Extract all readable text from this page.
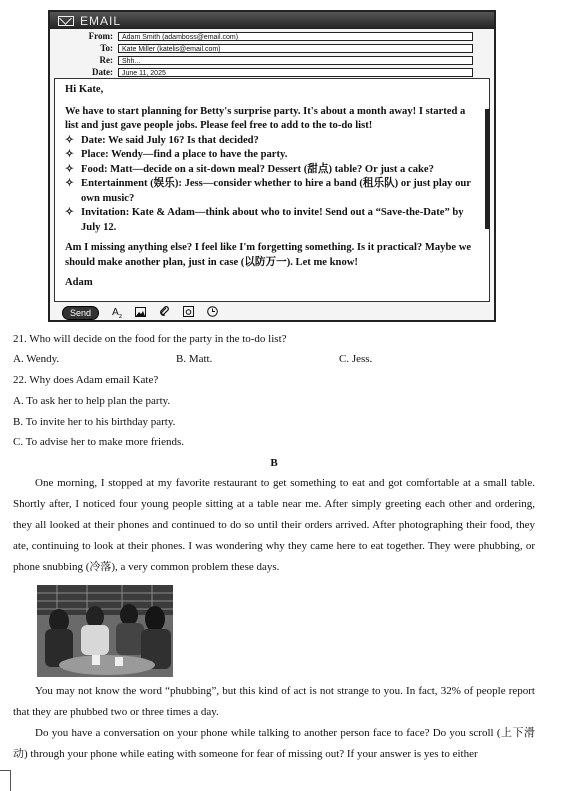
EMAIL
From:	Adam Smith (adamboss@email.com)
To:	Kate Miller (katelis@email.com)
Re:	Shh...
Date:	June 11, 2025

Hi Kate,

We have to start planning for Betty's surprise party. It's about a month away! I started a list and just gave people jobs. Please feel free to add to the to-do list!

✧ Date: We said July 16? Is that decided?
✧ Place: Wendy—find a place to have the party.
✧ Food: Matt—decide on a sit-down meal? Dessert (甜点) table? Or just a cake?
✧ Entertainment (娱乐): Jess—consider whether to hire a band (租乐队) or just play our own music?
✧ Invitation: Kate & Adam—think about who to invite! Send out a “Save-the-Date” by July 12.

Am I missing anything else? I feel like I'm forgetting something. Is it practical? Maybe we should make another plan, just in case (以防万一). Let me know!

Adam

Send	$A_z$
21. Who will decide on the food for the party in the to-do list?
A. Wendy.	B. Matt.	C. Jess.
22. Why does Adam email Kate?
A. To ask her to help plan the party.
B. To invite her to his birthday party.
C. To advise her to make more friends.
B
One morning, I stopped at my favorite restaurant to get something to eat and got comfortable at a small table. Shortly after, I noticed four young people sitting at a table near me. After simply greeting each other and ordering, they all looked at their phones and continued to do so until their orders arrived. After photographing their food, they ate, continuing to look at their phones. I was wondering why they came here to eat together. They were phubbing, or phone snubbing (冷落), a very common problem these days.
You may not know the word “phubbing”, but this kind of act is not strange to you. In fact, 32% of people report that they are phubbed two or three times a day.
Do you have a conversation on your phone while talking to another person face to face? Do you scroll (上下滑动) through your phone while eating with someone for fear of missing out? If your answer is yes to either
